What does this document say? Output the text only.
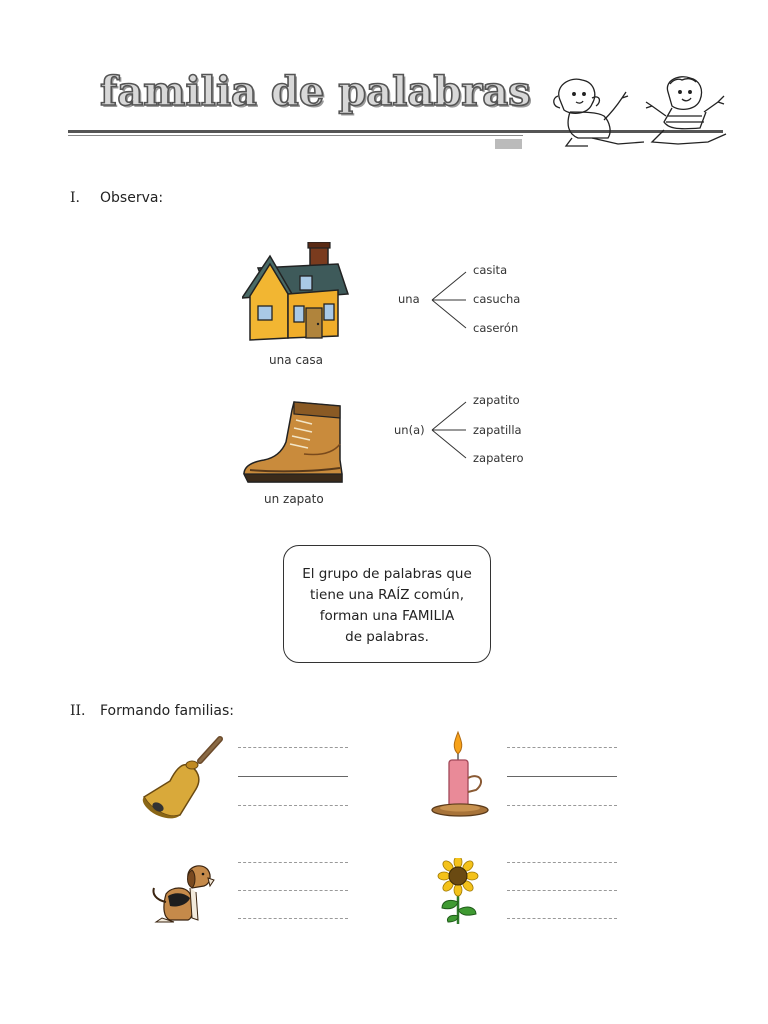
familia de palabras
I. Observa:
una casa
una
casita
casucha
caserón
un zapato
un(a)
zapatito
zapatilla
zapatero
El grupo de palabras que
tiene una RAÍZ común,
forman una FAMILIA
de palabras.
II. Formando familias:
